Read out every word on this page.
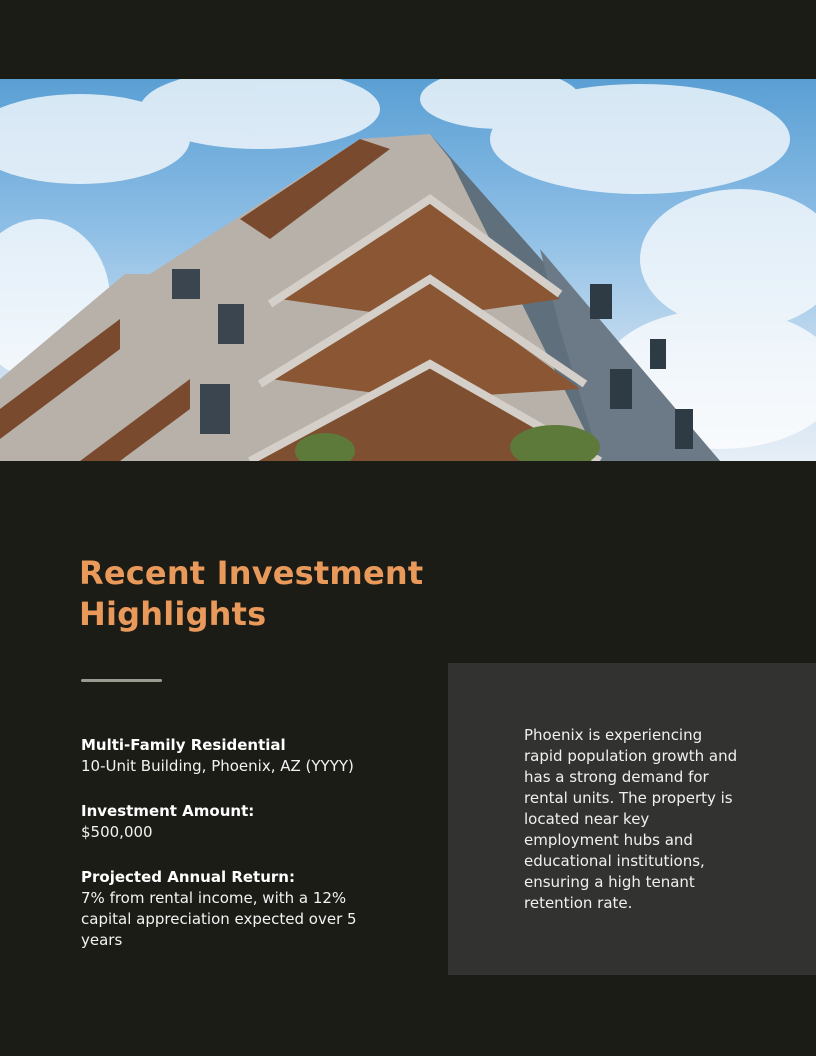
Recent Investment Highlights
Multi-Family Residential
10-Unit Building, Phoenix, AZ (YYYY)
Investment Amount:
$500,000
Projected Annual Return:
7% from rental income, with a 12% capital appreciation expected over 5 years
Phoenix is experiencing rapid population growth and has a strong demand for rental units. The property is located near key employment hubs and educational institutions, ensuring a high tenant retention rate.
